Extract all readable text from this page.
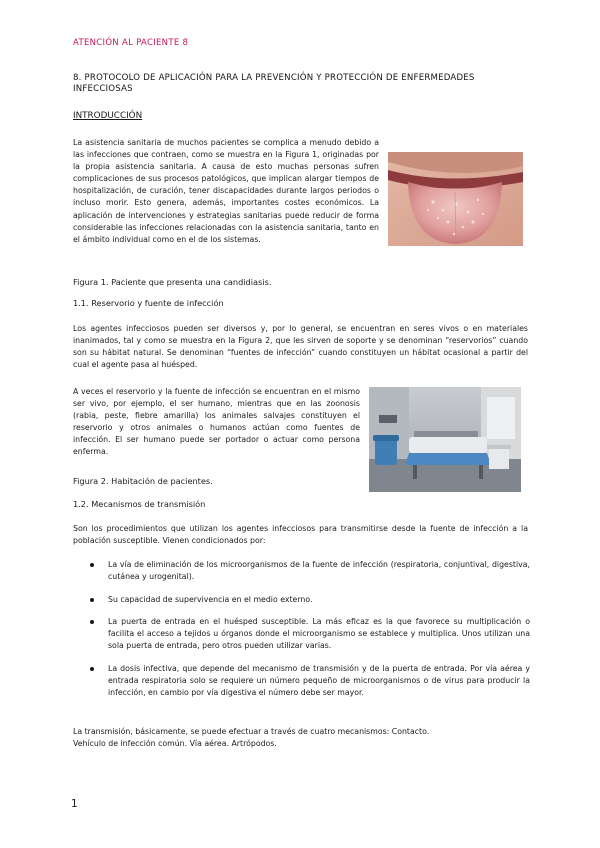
ATENCIÓN AL PACIENTE 8
8. PROTOCOLO DE APLICACIÓN PARA LA PREVENCIÓN Y PROTECCIÓN DE ENFERMEDADES INFECCIOSAS
INTRODUCCIÓN
La asistencia sanitaria de muchos pacientes se complica a menudo debido a las infecciones que contraen, como se muestra en la Figura 1, originadas por la propia asistencia sanitaria. A causa de esto muchas personas sufren complicaciones de sus procesos patológicos, que implican alargar tiempos de hospitalización, de curación, tener discapacidades durante largos periodos o incluso morir. Esto genera, además, importantes costes económicos. La aplicación de intervenciones y estrategias sanitarias puede reducir de forma considerable las infecciones relacionadas con la asistencia sanitaria, tanto en el ámbito individual como en el de los sistemas.
Figura 1. Paciente que presenta una candidiasis.
1.1. Reservorio y fuente de infección
Los agentes infecciosos pueden ser diversos y, por lo general, se encuentran en seres vivos o en materiales inanimados, tal y como se muestra en la Figura 2, que les sirven de soporte y se denominan “reservorios” cuando son su hábitat natural. Se denominan “fuentes de infección” cuando constituyen un hábitat ocasional a partir del cual el agente pasa al huésped.
A veces el reservorio y la fuente de infección se encuentran en el mismo ser vivo, por ejemplo, el ser humano, mientras que en las zoonosis (rabia, peste, fiebre amarilla) los animales salvajes constituyen el reservorio y otros animales o humanos actúan como fuentes de infección. El ser humano puede ser portador o actuar como persona enferma.
Figura 2. Habitación de pacientes.
1.2. Mecanismos de transmisión
Son los procedimientos que utilizan los agentes infecciosos para transmitirse desde la fuente de infección a la población susceptible. Vienen condicionados por:
La vía de eliminación de los microorganismos de la fuente de infección (respiratoria, conjuntival, digestiva, cutánea y urogenital).
Su capacidad de supervivencia en el medio externo.
La puerta de entrada en el huésped susceptible. La más eficaz es la que favorece su multiplicación o facilita el acceso a tejidos u órganos donde el microorganismo se establece y multiplica. Unos utilizan una sola puerta de entrada, pero otros pueden utilizar varias.
La dosis infectiva, que depende del mecanismo de transmisión y de la puerta de entrada. Por vía aérea y entrada respiratoria solo se requiere un número pequeño de microorganismos o de virus para producir la infección, en cambio por vía digestiva el número debe ser mayor.
La transmisión, básicamente, se puede efectuar a través de cuatro mecanismos: Contacto.
Vehículo de infección común. Vía aérea. Artrópodos.
1
